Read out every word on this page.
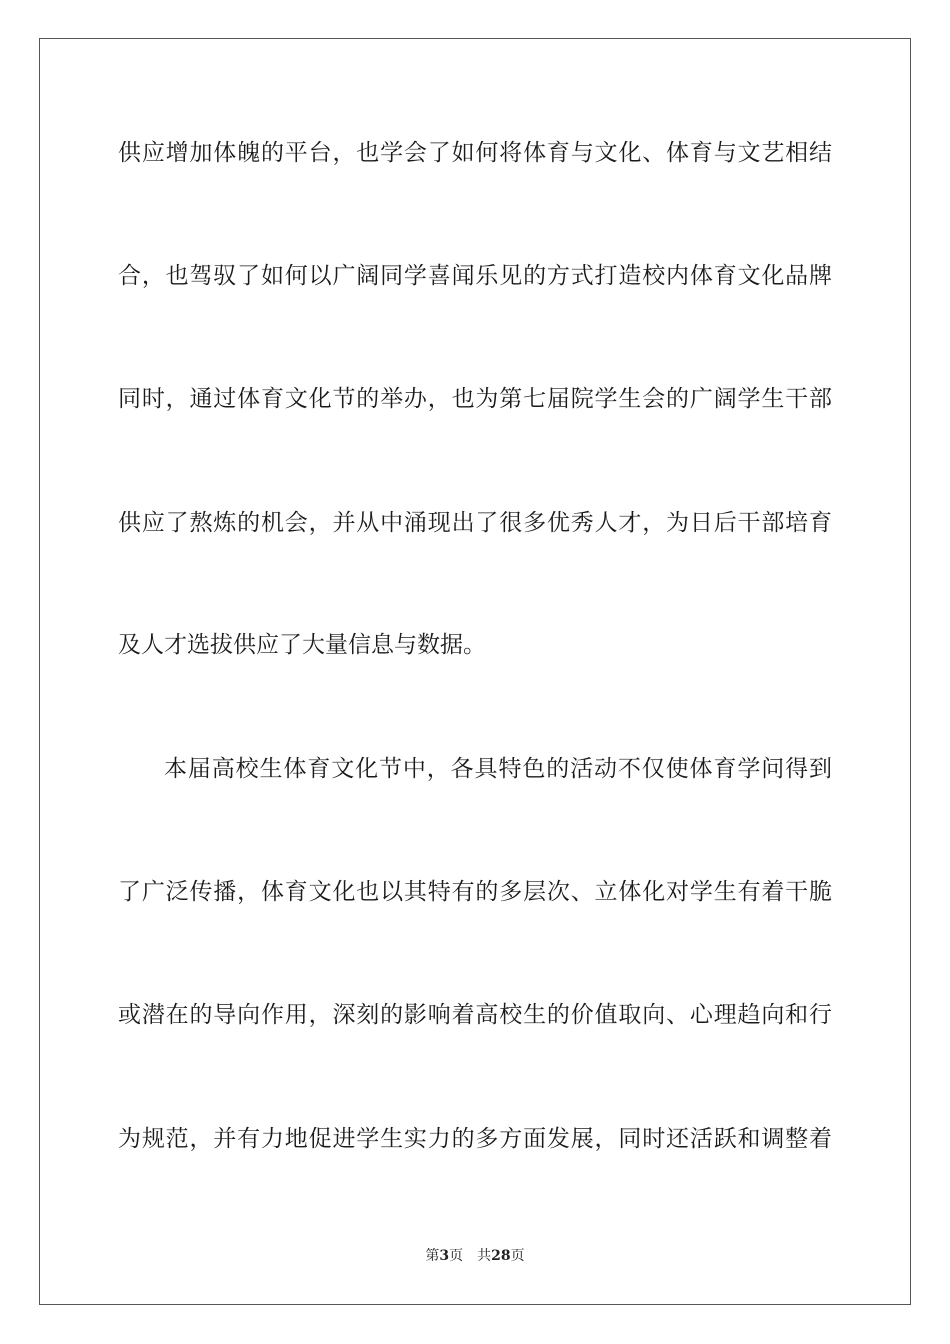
供应增加体魄的平台，也学会了如何将体育与文化、体育与文艺相结
合，也驾驭了如何以广阔同学喜闻乐见的方式打造校内体育文化品牌
同时，通过体育文化节的举办，也为第七届院学生会的广阔学生干部
供应了熬炼的机会，并从中涌现出了很多优秀人才，为日后干部培育
及人才选拔供应了大量信息与数据。
本届高校生体育文化节中，各具特色的活动不仅使体育学问得到
了广泛传播，体育文化也以其特有的多层次、立体化对学生有着干脆
或潜在的导向作用，深刻的影响着高校生的价值取向、心理趋向和行
为规范，并有力地促进学生实力的多方面发展，同时还活跃和调整着
第3页 共28页
